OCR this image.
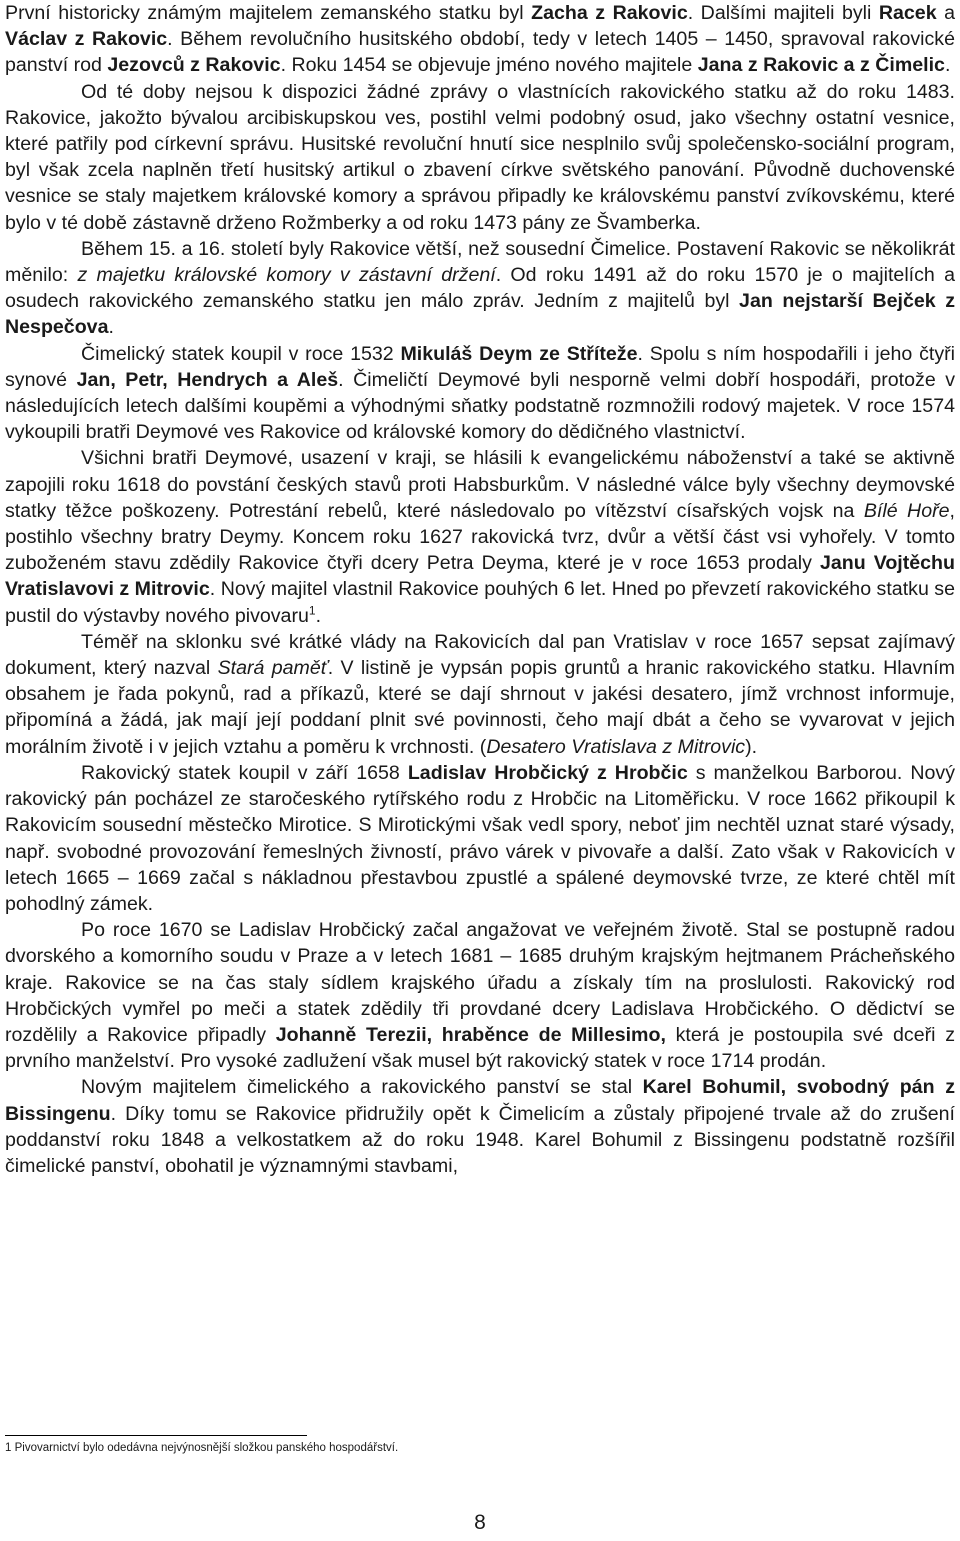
První historicky známým majitelem zemanského statku byl Zacha z Rakovic. Dalšími majiteli byli Racek a Václav z Rakovic. Během revolučního husitského období, tedy v letech 1405 – 1450, spravoval rakovické panství rod Jezovců z Rakovic. Roku 1454 se objevuje jméno nového majitele Jana z Rakovic a z Čimelic.

Od té doby nejsou k dispozici žádné zprávy o vlastnících rakovického statku až do roku 1483. Rakovice, jakožto bývalou arcibiskupskou ves, postihl velmi podobný osud, jako všechny ostatní vesnice, které patřily pod církevní správu. Husitské revoluční hnutí sice nesplnilo svůj společensko-sociální program, byl však zcela naplněn třetí husitský artikul o zbavení církve světského panování. Původně duchovenské vesnice se staly majetkem královské komory a správou připadly ke královskému panství zvíkovskému, které bylo v té době zástavně drženo Rožmberky a od roku 1473 pány ze Švamberka.

Během 15. a 16. století byly Rakovice větší, než sousední Čimelice. Postavení Rakovic se několikrát měnilo: z majetku královské komory v zástavní držení. Od roku 1491 až do roku 1570 je o majitelích a osudech rakovického zemanského statku jen málo zpráv. Jedním z majitelů byl Jan nejstarší Bejček z Nespečova.

Čimelický statek koupil v roce 1532 Mikuláš Deym ze Stříteže. Spolu s ním hospodařili i jeho čtyři synové Jan, Petr, Hendrych a Aleš. Čimeličtí Deymové byli nesporně velmi dobří hospodáři, protože v následujících letech dalšími koupěmi a výhodnými sňatky podstatně rozmnožili rodový majetek. V roce 1574 vykoupili bratři Deymové ves Rakovice od královské komory do dědičného vlastnictví.

Všichni bratři Deymové, usazení v kraji, se hlásili k evangelickému náboženství a také se aktivně zapojili roku 1618 do povstání českých stavů proti Habsburkům. V následné válce byly všechny deymovské statky těžce poškozeny. Potrestání rebelů, které následovalo po vítězství císařských vojsk na Bílé Hoře, postihlo všechny bratry Deymy. Koncem roku 1627 rakovická tvrz, dvůr a větší část vsi vyhořely. V tomto zuboženém stavu zdědily Rakovice čtyři dcery Petra Deyma, které je v roce 1653 prodaly Janu Vojtěchu Vratislavovi z Mitrovic. Nový majitel vlastnil Rakovice pouhých 6 let. Hned po převzetí rakovického statku se pustil do výstavby nového pivovaru$^1$.

Téměř na sklonku své krátké vlády na Rakovicích dal pan Vratislav v roce 1657 sepsat zajímavý dokument, který nazval Stará paměť. V listině je vypsán popis gruntů a hranic rakovického statku. Hlavním obsahem je řada pokynů, rad a příkazů, které se dají shrnout v jakési desatero, jímž vrchnost informuje, připomíná a žádá, jak mají její poddaní plnit své povinnosti, čeho mají dbát a čeho se vyvarovat v jejich morálním životě i v jejich vztahu a poměru k vrchnosti. (Desatero Vratislava z Mitrovic).

Rakovický statek koupil v září 1658 Ladislav Hrobčický z Hrobčic s manželkou Barborou. Nový rakovický pán pocházel ze staročeského rytířského rodu z Hrobčic na Litoměřicku. V roce 1662 přikoupil k Rakovicím sousední městečko Mirotice. S Mirotickými však vedl spory, neboť jim nechtěl uznat staré výsady, např. svobodné provozování řemeslných živností, právo várek v pivovaře a další. Zato však v Rakovicích v letech 1665 – 1669 začal s nákladnou přestavbou zpustlé a spálené deymovské tvrze, ze které chtěl mít pohodlný zámek.

Po roce 1670 se Ladislav Hrobčický začal angažovat ve veřejném životě. Stal se postupně radou dvorského a komorního soudu v Praze a v letech 1681 – 1685 druhým krajským hejtmanem Prácheňského kraje. Rakovice se na čas staly sídlem krajského úřadu a získaly tím na proslulosti. Rakovický rod Hrobčických vymřel po meči a statek zdědily tři provdané dcery Ladislava Hrobčického. O dědictví se rozdělily a Rakovice připadly Johanně Terezii, hraběnce de Millesimo, která je postoupila své dceři z prvního manželství. Pro vysoké zadlužení však musel být rakovický statek v roce 1714 prodán.

Novým majitelem čimelického a rakovického panství se stal Karel Bohumil, svobodný pán z Bissingenu. Díky tomu se Rakovice přidružily opět k Čimelicím a zůstaly připojené trvale až do zrušení poddanství roku 1848 a velkostatkem až do roku 1948. Karel Bohumil z Bissingenu podstatně rozšířil čimelické panství, obohatil je významnými stavbami,

1 Pivovarnictví bylo odedávna nejvýnosnější složkou panského hospodářství.
8
